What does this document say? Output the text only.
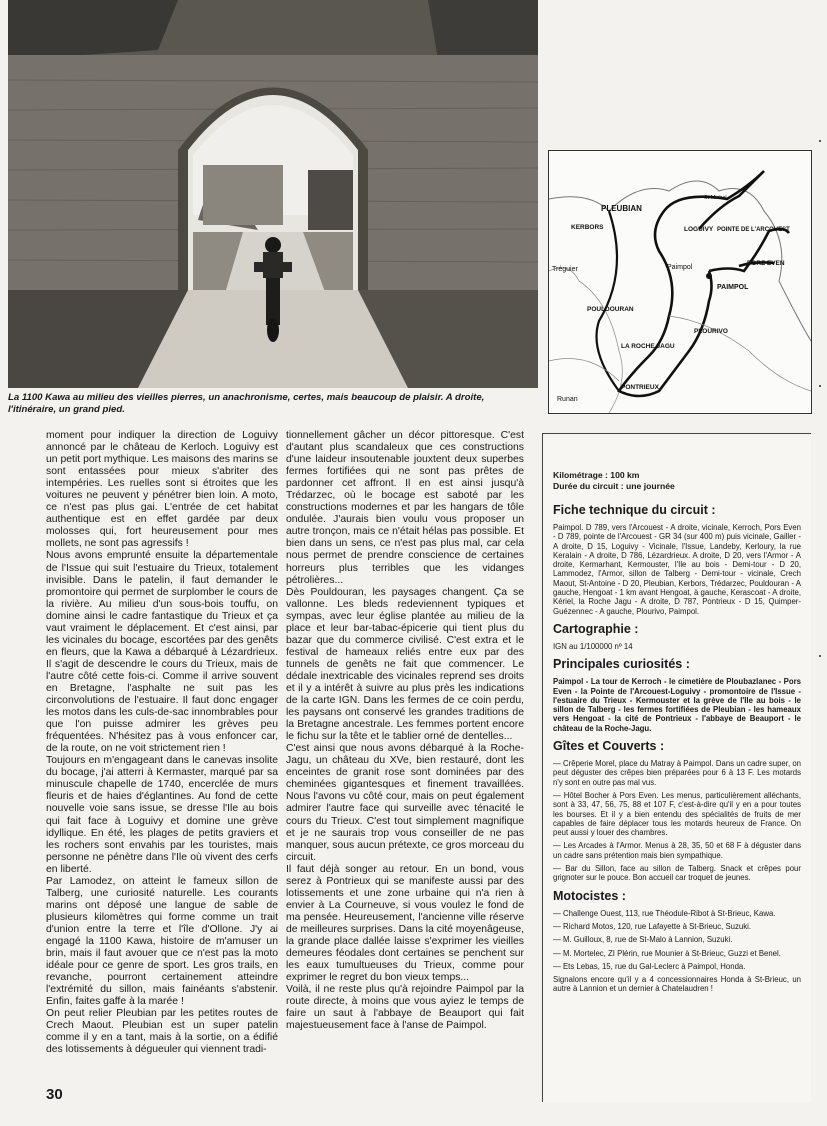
La 1100 Kawa au milieu des vieilles pierres, un anachronisme, certes, mais beaucoup de plaisir. A droite, l'itinéraire, un grand pied.
PLEUBIAN
KERBORS
Tréguier
LOGUIVY POINTE DE L'ARCOUEST
PORZ EVEN
Paimpol
PAIMPOL
POULDOURAN
LA ROCHE JAGU
PLOURIVO
PONTRIEUX
Runan
St Michel

moment pour indiquer la direction de Loguivy annoncé par le château de Kerloch. Loguivy est un petit port mythique. Les maisons des marins se sont entassées pour mieux s'abriter des intempéries. Les ruelles sont si étroites que les voitures ne peuvent y pénétrer bien loin. A moto, ce n'est pas plus gai. L'entrée de cet habitat authentique est en effet gardée par deux molosses qui, fort heureusement pour mes mollets, ne sont pas agressifs !

Nous avons emprunté ensuite la départementale de l'Issue qui suit l'estuaire du Trieux, totalement invisible. Dans le patelin, il faut demander le promontoire qui permet de surplomber le cours de la rivière. Au milieu d'un sous-bois touffu, on domine ainsi le cadre fantastique du Trieux et ça vaut vraiment le déplacement. Et c'est ainsi, par les vicinales du bocage, escortées par des genêts en fleurs, que la Kawa a débarqué à Lézardrieux. Il s'agit de descendre le cours du Trieux, mais de l'autre côté cette fois-ci. Comme il arrive souvent en Bretagne, l'asphalte ne suit pas les circonvolutions de l'estuaire. Il faut donc engager les motos dans les culs-de-sac innombrables pour que l'on puisse admirer les grèves peu fréquentées. N'hésitez pas à vous enfoncer car, de la route, on ne voit strictement rien !

Toujours en m'engageant dans le canevas insolite du bocage, j'ai atterri à Kermaster, marqué par sa minuscule chapelle de 1740, encerclée de murs fleuris et de haies d'églantines. Au fond de cette nouvelle voie sans issue, se dresse l'Ile au bois qui fait face à Loguivy et domine une grève idyllique. En été, les plages de petits graviers et les rochers sont envahis par les touristes, mais personne ne pénètre dans l'Ile où vivent des cerfs en liberté.

Par Lamodez, on atteint le fameux sillon de Talberg, une curiosité naturelle. Les courants marins ont déposé une langue de sable de plusieurs kilomètres qui forme comme un trait d'union entre la terre et l'île d'Ollone. J'y ai engagé la 1100 Kawa, histoire de m'amuser un brin, mais il faut avouer que ce n'est pas la moto idéale pour ce genre de sport. Les gros trails, en revanche, pourront certainement atteindre l'extrémité du sillon, mais fainéants s'abstenir. Enfin, faites gaffe à la marée !

On peut relier Pleubian par les petites routes de Crech Maout. Pleubian est un super patelin comme il y en a tant, mais à la sortie, on a édifié des lotissements à dégueuler qui viennent tradi-

tionnellement gâcher un décor pittoresque. C'est d'autant plus scandaleux que ces constructions d'une laideur insoutenable jouxtent deux superbes fermes fortifiées qui ne sont pas prêtes de pardonner cet affront. Il en est ainsi jusqu'à Trédarzec, où le bocage est saboté par les constructions modernes et par les hangars de tôle ondulée. J'aurais bien voulu vous proposer un autre tronçon, mais ce n'était hélas pas possible. Et bien dans un sens, ce n'est pas plus mal, car cela nous permet de prendre conscience de certaines horreurs plus terribles que les vidanges pétrolières...

Dès Pouldouran, les paysages changent. Ça se vallonne. Les bleds redeviennent typiques et sympas, avec leur église plantée au milieu de la place et leur bar-tabac-épicerie qui tient plus du bazar que du commerce civilisé. C'est extra et le festival de hameaux reliés entre eux par des tunnels de genêts ne fait que commencer. Le dédale inextricable des vicinales reprend ses droits et il y a intérêt à suivre au plus près les indications de la carte IGN. Dans les fermes de ce coin perdu, les paysans ont conservé les grandes traditions de la Bretagne ancestrale. Les femmes portent encore le fichu sur la tête et le tablier orné de dentelles...

C'est ainsi que nous avons débarqué à la Roche-Jagu, un château du XVe, bien restauré, dont les enceintes de granit rose sont dominées par des cheminées gigantesques et finement travaillées. Nous l'avons vu côté cour, mais on peut également admirer l'autre face qui surveille avec ténacité le cours du Trieux. C'est tout simplement magnifique et je ne saurais trop vous conseiller de ne pas manquer, sous aucun prétexte, ce gros morceau du circuit.

Il faut déjà songer au retour. En un bond, vous serez à Pontrieux qui se manifeste aussi par des lotissements et une zone urbaine qui n'a rien à envier à La Courneuve, si vous voulez le fond de ma pensée. Heureusement, l'ancienne ville réserve de meilleures surprises. Dans la cité moyenâgeuse, la grande place dallée laisse s'exprimer les vieilles demeures féodales dont certaines se penchent sur les eaux tumultueuses du Trieux, comme pour exprimer le regret du bon vieux temps...

Voilà, il ne reste plus qu'à rejoindre Paimpol par la route directe, à moins que vous ayiez le temps de faire un saut à l'abbaye de Beauport qui fait majestueusement face à l'anse de Paimpol.

Kilométrage : 100 km
Durée du circuit : une journée
Fiche technique du circuit :

Paimpol. D 789, vers l'Arcouest - A droite, vicinale, Kerroch, Pors Even - D 789, pointe de l'Arcouest - GR 34 (sur 400 m) puis vicinale, Gailler - A droite, D 15, Loguivy - Vicinale, l'Issue, Landeby, Kerloury, la rue Keralain - A droite, D 786, Lézardrieux. A droite, D 20, vers l'Armor - A droite, Kermarhant, Kermouster, l'Ile au bois - Demi-tour - D 20, Lammodez, l'Armor, sillon de Talberg - Demi-tour - vicinale, Crech Maout, St-Antoine - D 20, Pleubian, Kerbors, Trédarzec, Pouldouran - A gauche, Hengoat - 1 km avant Hengoat, à gauche, Kerascoat - A droite, Kériel, la Roche Jagu - A droite, D 787, Pontrieux - D 15, Quimper-Guézennec - A gauche, Plourivo, Paimpol.

Cartographie :

IGN au 1/100000 nº 14

Principales curiosités :

Paimpol - La tour de Kerroch - le cimetière de Ploubazlanec - Pors Even - la Pointe de l'Arcouest-Loguivy - promontoire de l'Issue - l'estuaire du Trieux - Kermouster et la grève de l'Ile au bois - le sillon de Talberg - les fermes fortifiées de Pleubian - les hameaux vers Hengoat - la cité de Pontrieux - l'abbaye de Beauport - le château de la Roche-Jagu.

Gîtes et Couverts :

— Crêperie Morel, place du Matray à Paimpol. Dans un cadre super, on peut déguster des crêpes bien préparées pour 6 à 13 F. Les motards n'y sont en outre pas mal vus.

— Hôtel Bocher à Pors Even. Les menus, particulièrement alléchants, sont à 33, 47, 56, 75, 88 et 107 F, c'est-à-dire qu'il y en a pour toutes les bourses. Et il y a bien entendu des spécialités de fruits de mer capables de faire déplacer tous les motards heureux de France. On peut aussi y louer des chambres.

— Les Arcades à l'Armor. Menus à 28, 35, 50 et 68 F à déguster dans un cadre sans prétention mais bien sympathique.

— Bar du Sillon, face au sillon de Talberg. Snack et crêpes pour grignoter sur le pouce. Bon accueil car troquet de jeunes.

Motocistes :

— Challenge Ouest, 113, rue Théodule-Ribot à St-Brieuc, Kawa.

— Richard Motos, 120, rue Lafayette à St-Brieuc, Suzuki.

— M. Guilloux, 8, rue de St-Malo à Lannion, Suzuki.

— M. Mortelec, ZI Plérin, rue Mounier à St-Brieuc, Guzzi et Benel.

— Ets Lebas, 15, rue du Gal-Leclerc à Paimpol, Honda.

Signalons encore qu'il y a 4 concessionnaires Honda à St-Brieuc, un autre à Lannion et un dernier à Chatelaudren !

30
